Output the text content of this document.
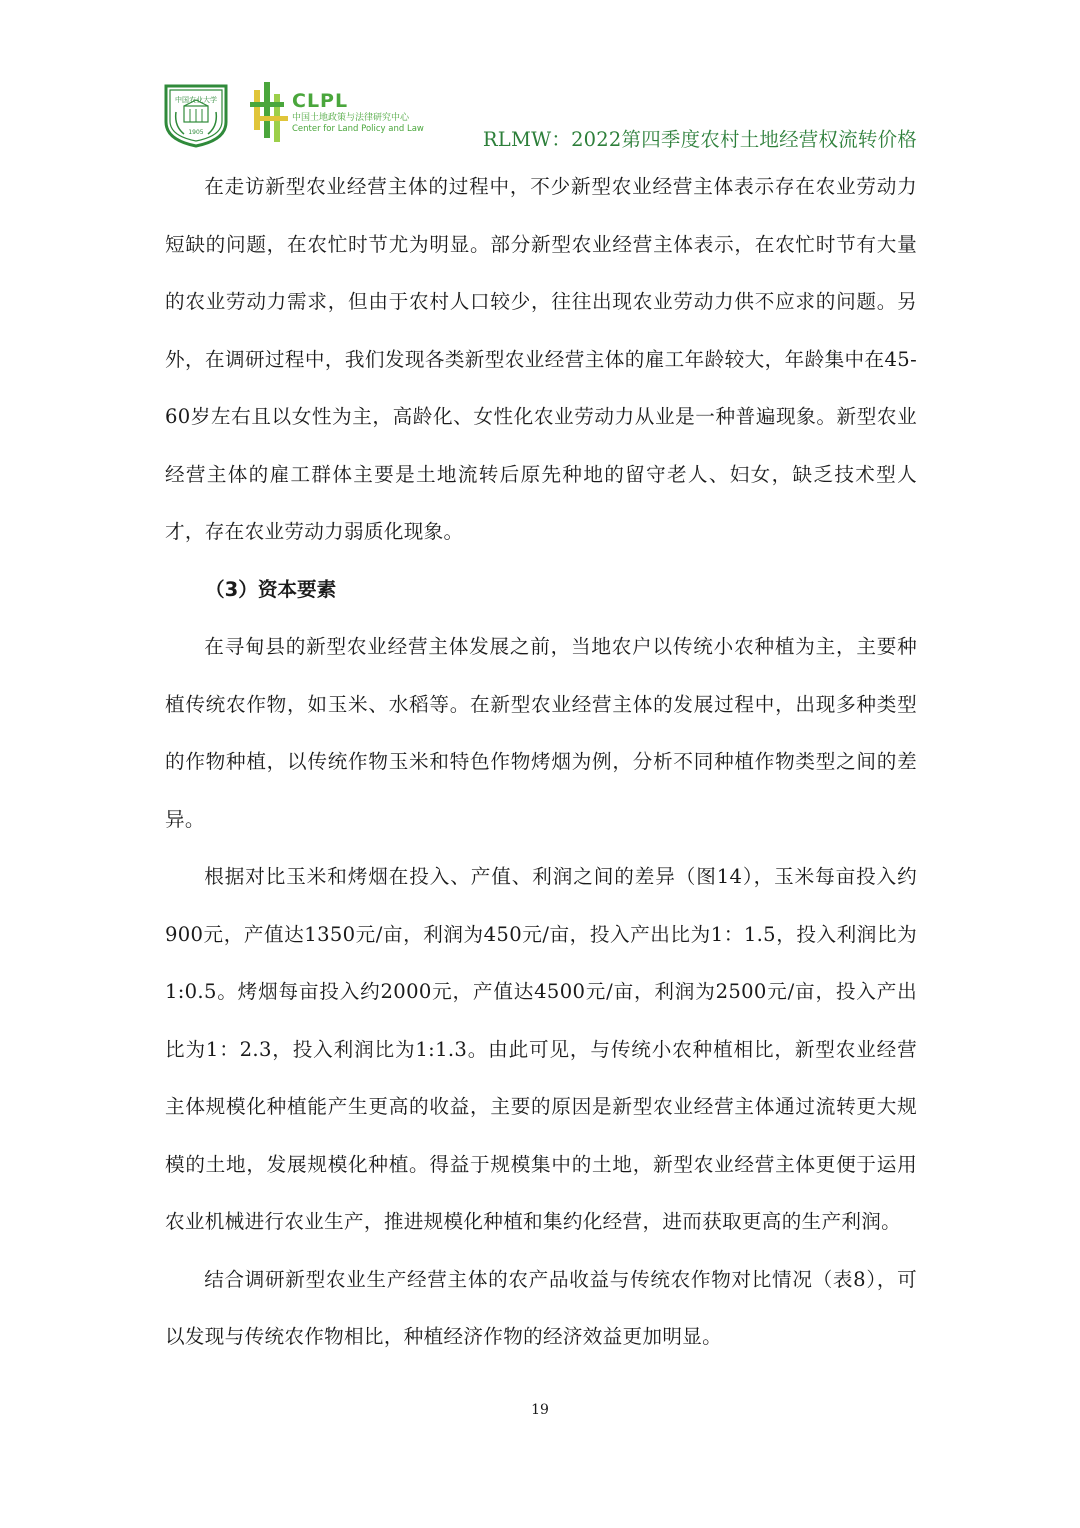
中国农业大学
1905
CLPL
中国土地政策与法律研究中心
Center for Land Policy and Law	RLMW：2022第四季度农村土地经营权流转价格

在走访新型农业经营主体的过程中，不少新型农业经营主体表示存在农业劳动力短缺的问题，在农忙时节尤为明显。部分新型农业经营主体表示，在农忙时节有大量的农业劳动力需求，但由于农村人口较少，往往出现农业劳动力供不应求的问题。另外，在调研过程中，我们发现各类新型农业经营主体的雇工年龄较大，年龄集中在45-60岁左右且以女性为主，高龄化、女性化农业劳动力从业是一种普遍现象。新型农业经营主体的雇工群体主要是土地流转后原先种地的留守老人、妇女，缺乏技术型人才，存在农业劳动力弱质化现象。

（3）资本要素

在寻甸县的新型农业经营主体发展之前，当地农户以传统小农种植为主，主要种植传统农作物，如玉米、水稻等。在新型农业经营主体的发展过程中，出现多种类型的作物种植，以传统作物玉米和特色作物烤烟为例，分析不同种植作物类型之间的差异。

根据对比玉米和烤烟在投入、产值、利润之间的差异（图14），玉米每亩投入约900元，产值达1350元/亩，利润为450元/亩，投入产出比为1：1.5，投入利润比为1:0.5。烤烟每亩投入约2000元，产值达4500元/亩，利润为2500元/亩，投入产出比为1：2.3，投入利润比为1:1.3。由此可见，与传统小农种植相比，新型农业经营主体规模化种植能产生更高的收益，主要的原因是新型农业经营主体通过流转更大规模的土地，发展规模化种植。得益于规模集中的土地，新型农业经营主体更便于运用农业机械进行农业生产，推进规模化种植和集约化经营，进而获取更高的生产利润。

结合调研新型农业生产经营主体的农产品收益与传统农作物对比情况（表8），可以发现与传统农作物相比，种植经济作物的经济效益更加明显。

19
